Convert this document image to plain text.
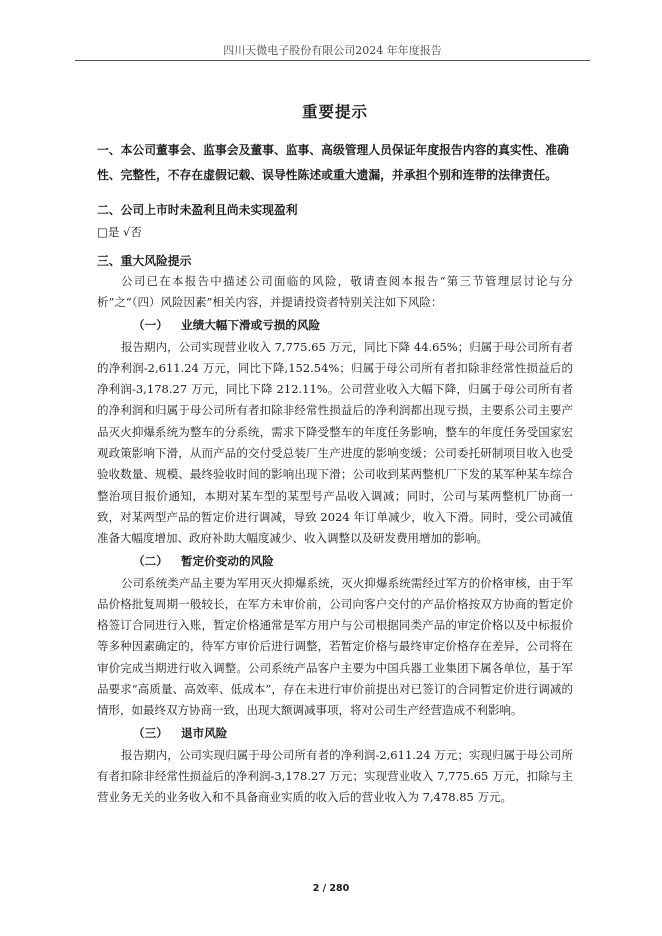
四川天微电子股份有限公司2024 年年度报告
重要提示

一、本公司董事会、监事会及董事、监事、高级管理人员保证年度报告内容的真实性、准确性、完整性，不存在虚假记载、误导性陈述或重大遗漏，并承担个别和连带的法律责任。

二、公司上市时未盈利且尚未实现盈利

□是 √否

三、重大风险提示

公司已在本报告中描述公司面临的风险，敬请查阅本报告“第三节管理层讨论与分析”之“（四）风险因素”相关内容，并提请投资者特别关注如下风险：

（一） 业绩大幅下滑或亏损的风险

报告期内，公司实现营业收入 7,775.65 万元，同比下降 44.65%；归属于母公司所有者的净利润-2,611.24 万元，同比下降,152.54%；归属于母公司所有者扣除非经常性损益后的净利润-3,178.27 万元，同比下降 212.11%。公司营业收入大幅下降，归属于母公司所有者的净利润和归属于母公司所有者扣除非经常性损益后的净利润都出现亏损，主要系公司主要产品灭火抑爆系统为整车的分系统，需求下降受整车的年度任务影响，整车的年度任务受国家宏观政策影响下滑，从而产品的交付受总装厂生产进度的影响变缓；公司委托研制项目收入也受验收数量、规模、最终验收时间的影响出现下滑；公司收到某两整机厂下发的某军种某车综合整治项目报价通知，本期对某车型的某型号产品收入调减；同时，公司与某两整机厂协商一致，对某两型产品的暂定价进行调减，导致 2024 年订单减少，收入下滑。同时，受公司减值准备大幅度增加、政府补助大幅度减少、收入调整以及研发费用增加的影响。

（二） 暂定价变动的风险

公司系统类产品主要为军用灭火抑爆系统，灭火抑爆系统需经过军方的价格审核，由于军品价格批复周期一般较长，在军方未审价前，公司向客户交付的产品价格按双方协商的暂定价格签订合同进行入账，暂定价格通常是军方用户与公司根据同类产品的审定价格以及中标报价等多种因素确定的，待军方审价后进行调整，若暂定价格与最终审定价格存在差异，公司将在审价完成当期进行收入调整。公司系统产品客户主要为中国兵器工业集团下属各单位，基于军品要求“高质量、高效率、低成本”，存在未进行审价前提出对已签订的合同暂定价进行调减的情形，如最终双方协商一致，出现大额调减事项，将对公司生产经营造成不利影响。

（三） 退市风险

报告期内，公司实现归属于母公司所有者的净利润-2,611.24 万元；实现归属于母公司所有者扣除非经常性损益后的净利润-3,178.27 万元；实现营业收入 7,775.65 万元，扣除与主营业务无关的业务收入和不具备商业实质的收入后的营业收入为 7,478.85 万元。

2 / 280
